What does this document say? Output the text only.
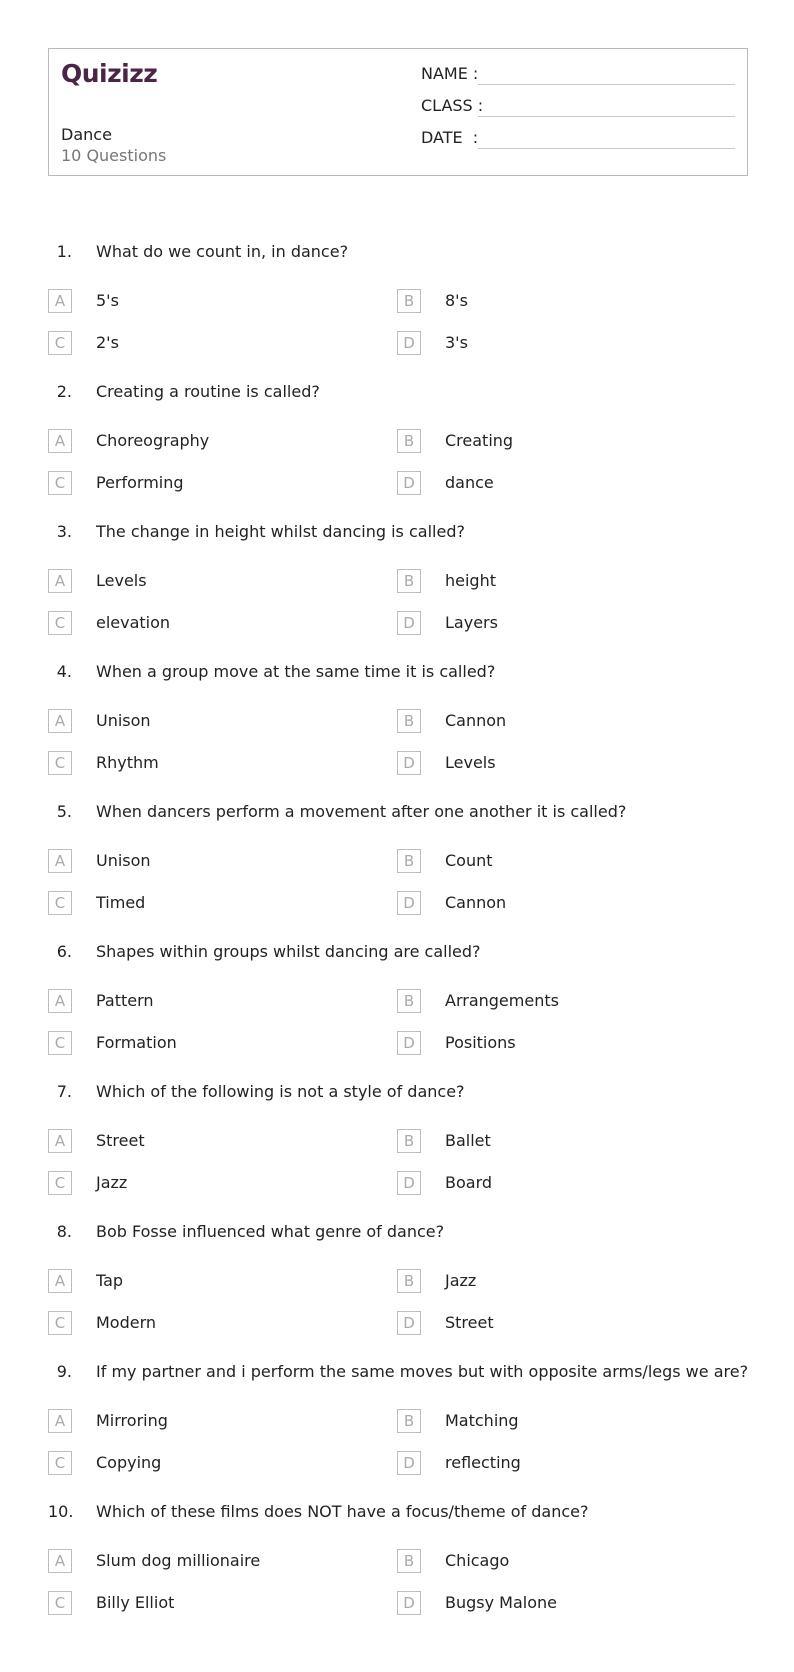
Quizizz
Dance
10 Questions
NAME :
CLASS :
DATE  :
1. What do we count in, in dance?
A	5's	B	8's
C	2's	D	3's
2. Creating a routine is called?
A	Choreography	B	Creating
C	Performing	D	dance
3. The change in height whilst dancing is called?
A	Levels	B	height
C	elevation	D	Layers
4. When a group move at the same time it is called?
A	Unison	B	Cannon
C	Rhythm	D	Levels
5. When dancers perform a movement after one another it is called?
A	Unison	B	Count
C	Timed	D	Cannon
6. Shapes within groups whilst dancing are called?
A	Pattern	B	Arrangements
C	Formation	D	Positions
7. Which of the following is not a style of dance?
A	Street	B	Ballet
C	Jazz	D	Board
8. Bob Fosse influenced what genre of dance?
A	Tap	B	Jazz
C	Modern	D	Street
9. If my partner and i perform the same moves but with opposite arms/legs we are?
A	Mirroring	B	Matching
C	Copying	D	reflecting
10. Which of these films does NOT have a focus/theme of dance?
A	Slum dog millionaire	B	Chicago
C	Billy Elliot	D	Bugsy Malone
